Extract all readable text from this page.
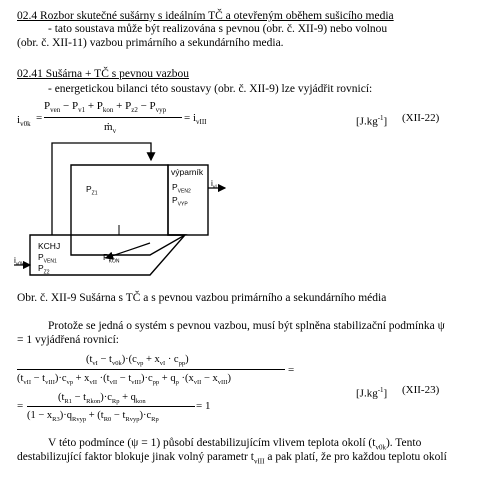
02.4 Rozbor skutečné sušárny s ideálním TČ a otevřeným oběhem sušicího media
- tato soustava může být realizována s pevnou (obr. č. XII-9) nebo volnou
(obr. č. XII-11) vazbou primárního a sekundárního media.
02.41 Sušárna + TČ s pevnou vazbou
- energetickou bilanci této soustavy (obr. č. XII-9) lze vyjádřit rovnicí:
$i_{v0k}$
=
$P_{ven} - P_{v1} + P_{kon} + P_{z2} - P_{vyp}$
ṁ$_v$
= $i_{vIII}$	$[J.kg^{-1}]$ (XII-22)
výparník
$P_{VEN2}$
$P_{VYP}$
$P_{Z1}$
KCHJ
$P_{VEN1}$
$P_{Z2}$
$P_{KON}$
$i_{v0k}$
$i_{vI}$
Obr. č. XII-9 Sušárna s TČ a s pevnou vazbou primárního a sekundárního média
Protože se jedná o systém s pevnou vazbou, musí být splněna stabilizační podmínka ψ
= 1 vyjádřená rovnicí:
$(t_{vI} - t_{v0k})\cdot(c_{vp} + x_{vI} \cdot c_{pp})$
$(t_{vII} - t_{vIII})\cdot c_{vp} + x_{vII} \cdot(t_{vII} - t_{vIII})\cdot c_{pp} + q_p \cdot(x_{vII} - x_{vIII})$
=
=
$(t_{R1} - t_{Rkon})\cdot c_{Rp} + q_{kon}$
$(1 - x_{R3})\cdot q_{Rvyp} + (t_{R0} - t_{Rvyp})\cdot c_{Rp}$
= 1
$[J.kg^{-1}]$ (XII-23)
V této podmínce (ψ = 1) působí destabilizujícím vlivem teplota okolí $(t_{v0k})$. Tento
destabilizující faktor blokuje jinak volný parametr $t_{vIII}$ a pak platí, že pro každou teplotu okolí
